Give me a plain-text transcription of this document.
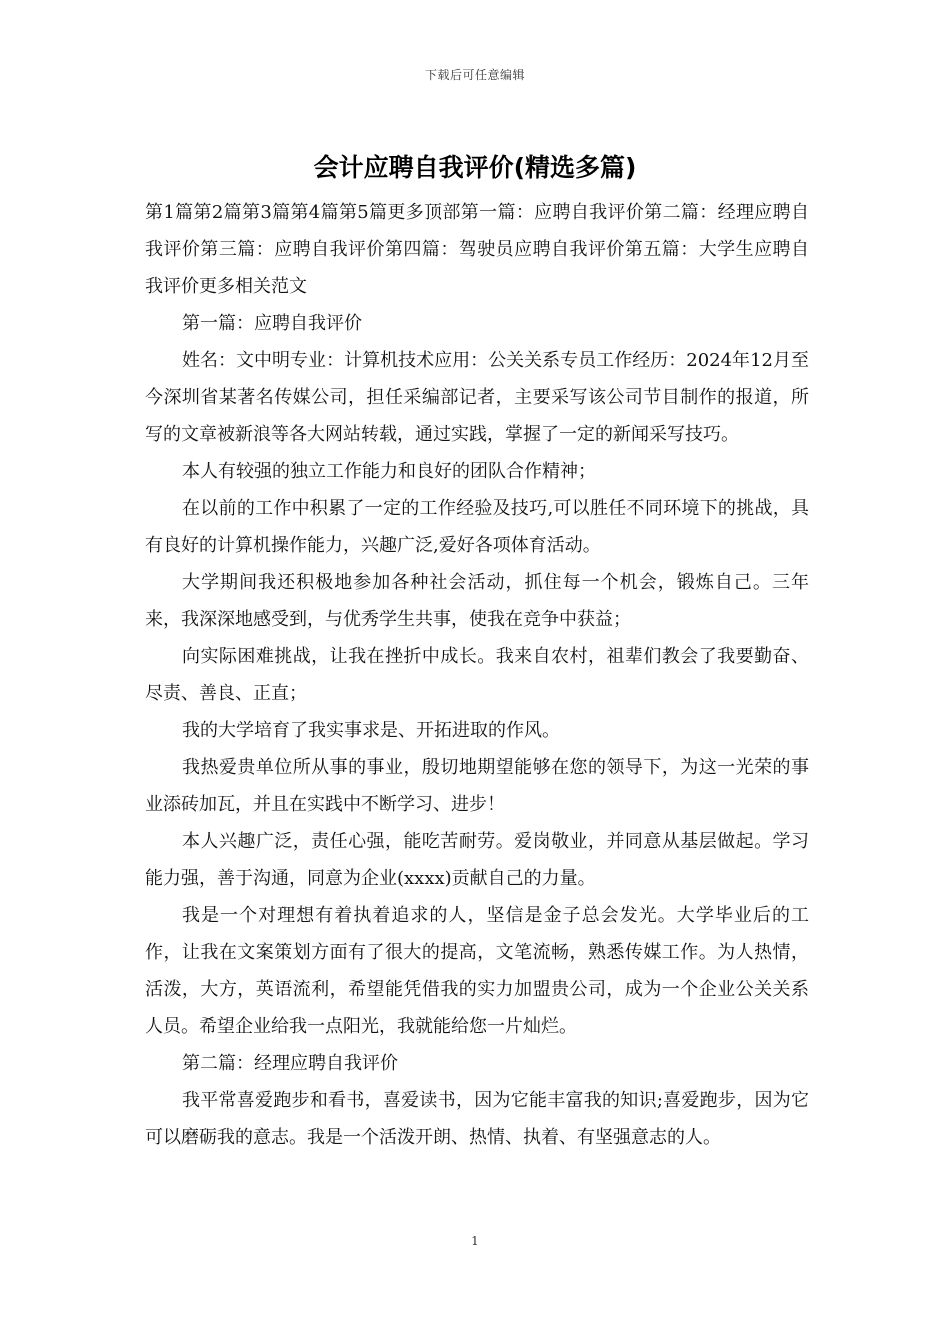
下载后可任意编辑
会计应聘自我评价(精选多篇)

第1篇第2篇第3篇第4篇第5篇更多顶部第一篇：应聘自我评价第二篇：经理应聘自我评价第三篇：应聘自我评价第四篇：驾驶员应聘自我评价第五篇：大学生应聘自我评价更多相关范文

第一篇：应聘自我评价

姓名：文中明专业：计算机技术应用：公关关系专员工作经历：2024年12月至今深圳省某著名传媒公司，担任采编部记者，主要采写该公司节目制作的报道，所写的文章被新浪等各大网站转载，通过实践，掌握了一定的新闻采写技巧。

本人有较强的独立工作能力和良好的团队合作精神；

在以前的工作中积累了一定的工作经验及技巧,可以胜任不同环境下的挑战，具有良好的计算机操作能力，兴趣广泛,爱好各项体育活动。

大学期间我还积极地参加各种社会活动，抓住每一个机会，锻炼自己。三年来，我深深地感受到，与优秀学生共事，使我在竞争中获益；

向实际困难挑战，让我在挫折中成长。我来自农村，祖辈们教会了我要勤奋、尽责、善良、正直；

我的大学培育了我实事求是、开拓进取的作风。

我热爱贵单位所从事的事业，殷切地期望能够在您的领导下，为这一光荣的事业添砖加瓦，并且在实践中不断学习、进步！

本人兴趣广泛，责任心强，能吃苦耐劳。爱岗敬业，并同意从基层做起。学习能力强，善于沟通，同意为企业(xxxx)贡献自己的力量。

我是一个对理想有着执着追求的人，坚信是金子总会发光。大学毕业后的工作，让我在文案策划方面有了很大的提高，文笔流畅，熟悉传媒工作。为人热情，活泼，大方，英语流利，希望能凭借我的实力加盟贵公司，成为一个企业公关关系人员。希望企业给我一点阳光，我就能给您一片灿烂。

第二篇：经理应聘自我评价

我平常喜爱跑步和看书，喜爱读书，因为它能丰富我的知识;喜爱跑步，因为它可以磨砺我的意志。我是一个活泼开朗、热情、执着、有坚强意志的人。

1
